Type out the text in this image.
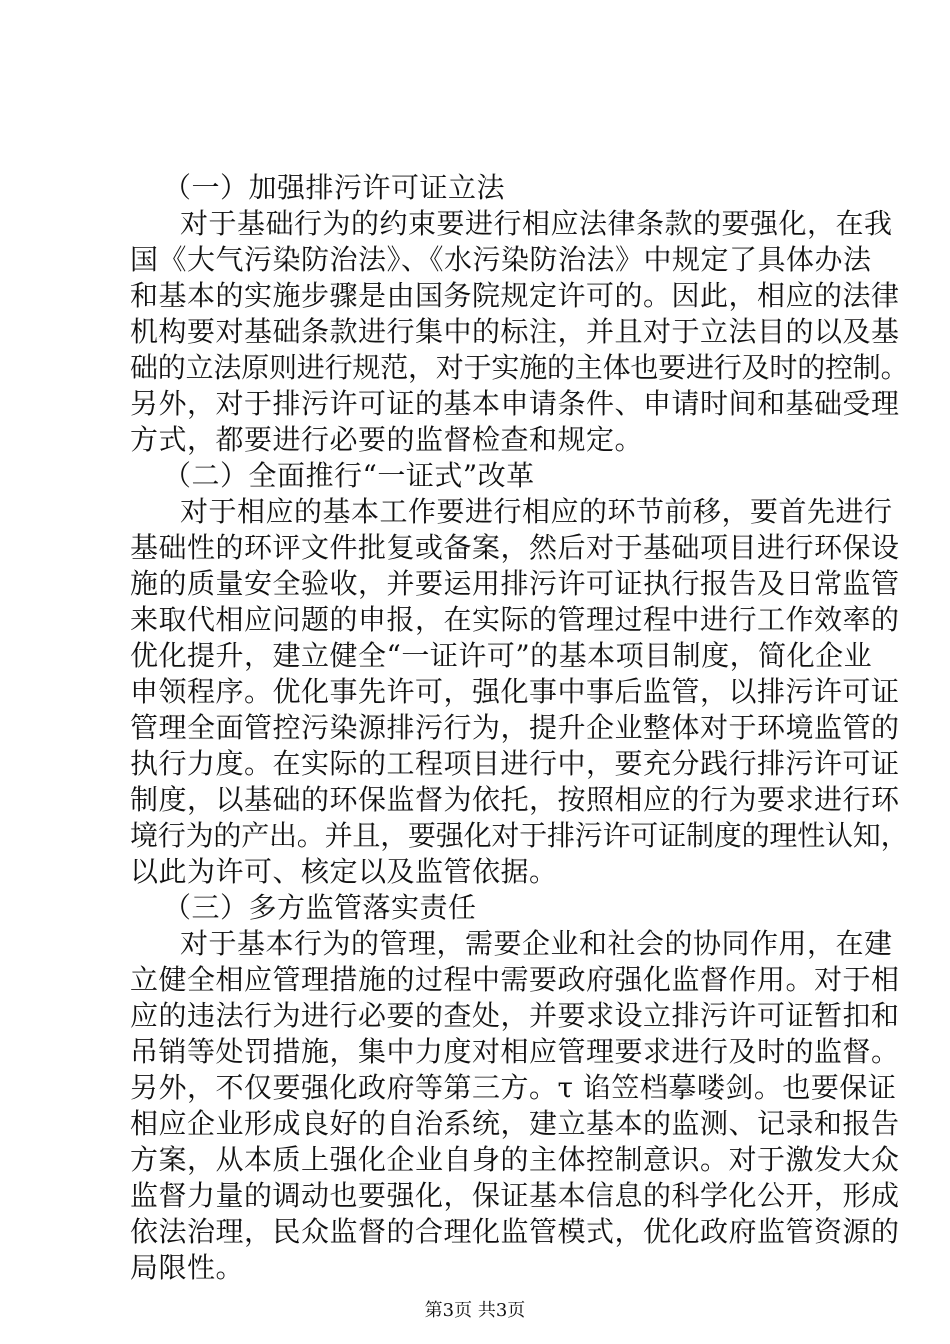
（一）加强排污许可证立法
对于基础行为的约束要进行相应法律条款的要强化，在我
国《大气污染防治法》、《水污染防治法》中规定了具体办法
和基本的实施步骤是由国务院规定许可的。因此，相应的法律
机构要对基础条款进行集中的标注，并且对于立法目的以及基
础的立法原则进行规范，对于实施的主体也要进行及时的控制。
另外，对于排污许可证的基本申请条件、申请时间和基础受理
方式，都要进行必要的监督检查和规定。
（二）全面推行“一证式”改革
对于相应的基本工作要进行相应的环节前移，要首先进行
基础性的环评文件批复或备案，然后对于基础项目进行环保设
施的质量安全验收，并要运用排污许可证执行报告及日常监管
来取代相应问题的申报，在实际的管理过程中进行工作效率的
优化提升，建立健全“一证许可”的基本项目制度，简化企业
申领程序。优化事先许可，强化事中事后监管，以排污许可证
管理全面管控污染源排污行为，提升企业整体对于环境监管的
执行力度。在实际的工程项目进行中，要充分践行排污许可证
制度，以基础的环保监督为依托，按照相应的行为要求进行环
境行为的产出。并且，要强化对于排污许可证制度的理性认知，
以此为许可、核定以及监管依据。
（三）多方监管落实责任
对于基本行为的管理，需要企业和社会的协同作用，在建
立健全相应管理措施的过程中需要政府强化监督作用。对于相
应的违法行为进行必要的查处，并要求设立排污许可证暂扣和
吊销等处罚措施，集中力度对相应管理要求进行及时的监督。
另外，不仅要强化政府等第三方。τ 谄笠档摹喽剑。也要保证
相应企业形成良好的自治系统，建立基本的监测、记录和报告
方案，从本质上强化企业自身的主体控制意识。对于激发大众
监督力量的调动也要强化，保证基本信息的科学化公开，形成
依法治理，民众监督的合理化监管模式，优化政府监管资源的
局限性。
第3页 共3页
